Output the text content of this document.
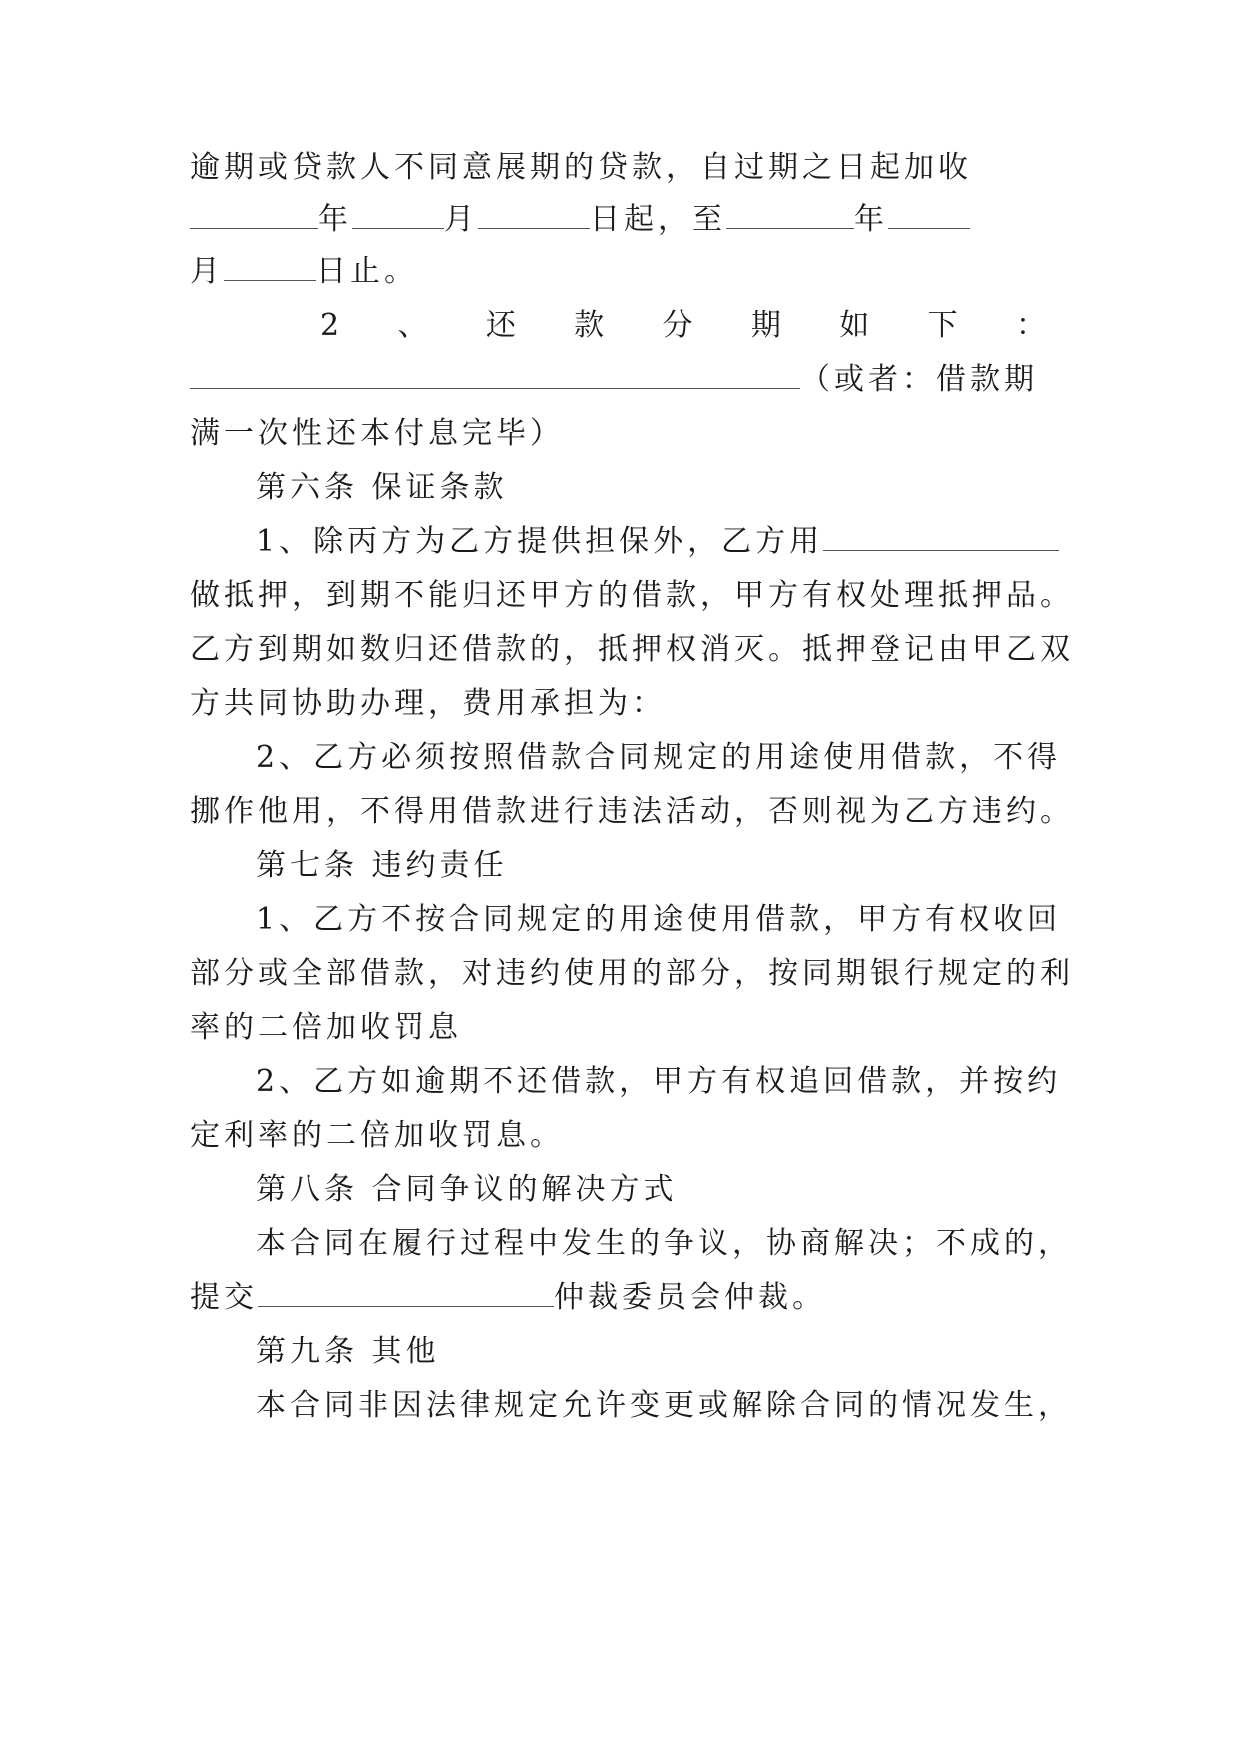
逾期或贷款人不同意展期的贷款，自过期之日起加收
年	月	日起，至	年
月	日止。
2 、 还 款 分 期 如 下 ：
（或者：借款期
满一次性还本付息完毕）
第六条 保证条款
1、除丙方为乙方提供担保外，乙方用
做抵押，到期不能归还甲方的借款，甲方有权处理抵押品。
乙方到期如数归还借款的，抵押权消灭。抵押登记由甲乙双
方共同协助办理，费用承担为：
2、乙方必须按照借款合同规定的用途使用借款，不得
挪作他用，不得用借款进行违法活动，否则视为乙方违约。
第七条 违约责任
1、乙方不按合同规定的用途使用借款，甲方有权收回
部分或全部借款，对违约使用的部分，按同期银行规定的利
率的二倍加收罚息
2、乙方如逾期不还借款，甲方有权追回借款，并按约
定利率的二倍加收罚息。
第八条 合同争议的解决方式
本合同在履行过程中发生的争议，协商解决；不成的，
提交	仲裁委员会仲裁。
第九条 其他
本合同非因法律规定允许变更或解除合同的情况发生，
